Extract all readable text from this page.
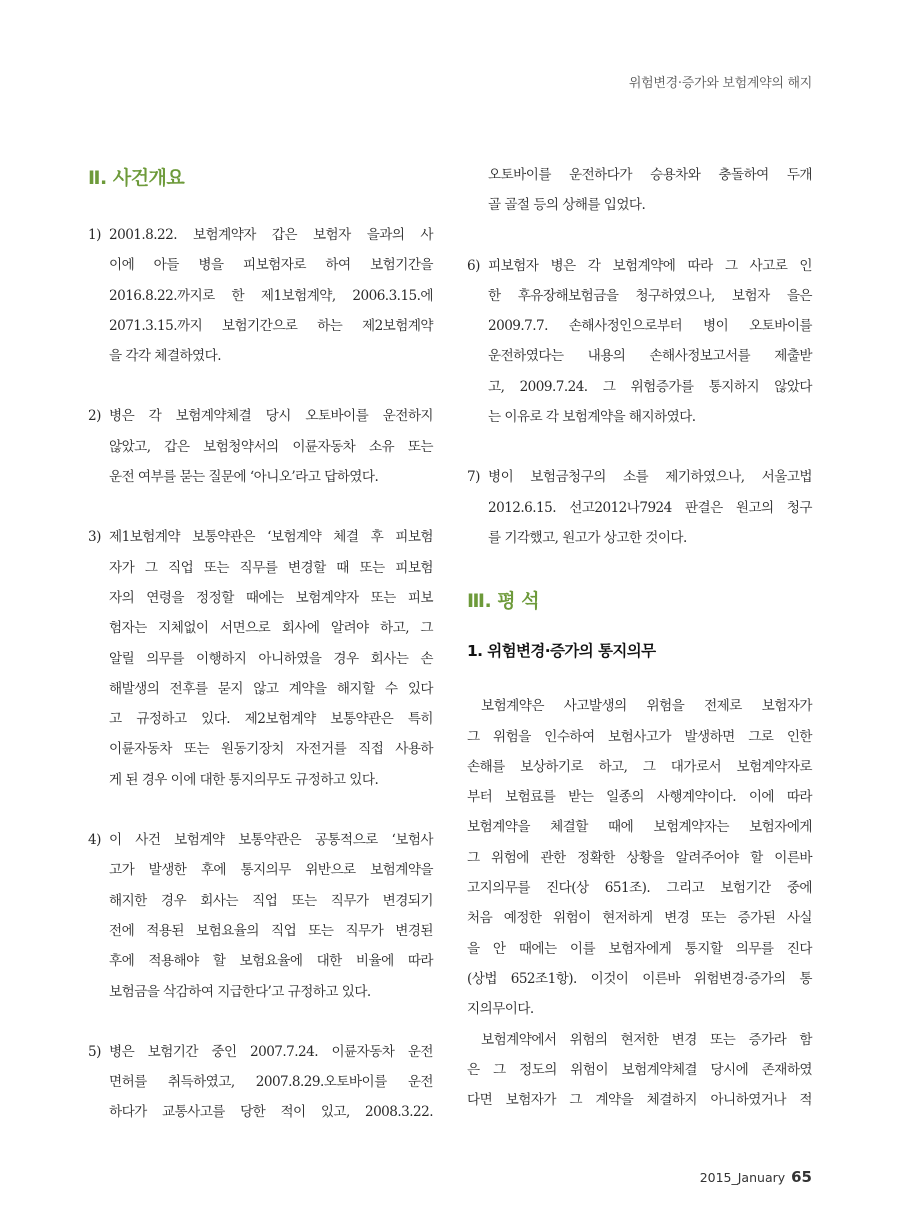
위험변경·증가와 보험계약의 해지
Ⅱ. 사건개요
1) 2001.8.22. 보험계약자 갑은 보험자 을과의 사
이에 아들 병을 피보험자로 하여 보험기간을
2016.8.22.까지로 한 제1보험계약, 2006.3.15.에
2071.3.15.까지 보험기간으로 하는 제2보험계약
을 각각 체결하였다.
2) 병은 각 보험계약체결 당시 오토바이를 운전하지
않았고, 갑은 보험청약서의 이륜자동차 소유 또는
운전 여부를 묻는 질문에 ‘아니오’라고 답하였다.
3) 제1보험계약 보통약관은 ‘보험계약 체결 후 피보험
자가 그 직업 또는 직무를 변경할 때 또는 피보험
자의 연령을 정정할 때에는 보험계약자 또는 피보
험자는 지체없이 서면으로 회사에 알려야 하고, 그
알릴 의무를 이행하지 아니하였을 경우 회사는 손
해발생의 전후를 묻지 않고 계약을 해지할 수 있다
고 규정하고 있다. 제2보험계약 보통약관은 특히
이륜자동차 또는 원동기장치 자전거를 직접 사용하
게 된 경우 이에 대한 통지의무도 규정하고 있다.
4) 이 사건 보험계약 보통약관은 공통적으로 ‘보험사
고가 발생한 후에 통지의무 위반으로 보험계약을
해지한 경우 회사는 직업 또는 직무가 변경되기
전에 적용된 보험요율의 직업 또는 직무가 변경된
후에 적용해야 할 보험요율에 대한 비율에 따라
보험금을 삭감하여 지급한다’고 규정하고 있다.
5) 병은 보험기간 중인 2007.7.24. 이륜자동차 운전
면허를 취득하였고, 2007.8.29.오토바이를 운전
하다가 교통사고를 당한 적이 있고, 2008.3.22.
오토바이를 운전하다가 승용차와 충돌하여 두개
골 골절 등의 상해를 입었다.
6) 피보험자 병은 각 보험계약에 따라 그 사고로 인
한 후유장해보험금을 청구하였으나, 보험자 을은
2009.7.7. 손해사정인으로부터 병이 오토바이를
운전하였다는 내용의 손해사정보고서를 제출받
고, 2009.7.24. 그 위험증가를 통지하지 않았다
는 이유로 각 보험계약을 해지하였다.
7) 병이 보험금청구의 소를 제기하였으나, 서울고법
2012.6.15. 선고2012나7924 판결은 원고의 청구
를 기각했고, 원고가 상고한 것이다.
Ⅲ. 평 석
1. 위험변경·증가의 통지의무
보험계약은 사고발생의 위험을 전제로 보험자가
그 위험을 인수하여 보험사고가 발생하면 그로 인한
손해를 보상하기로 하고, 그 대가로서 보험계약자로
부터 보험료를 받는 일종의 사행계약이다. 이에 따라
보험계약을 체결할 때에 보험계약자는 보험자에게
그 위험에 관한 정확한 상황을 알려주어야 할 이른바
고지의무를 진다(상 651조). 그리고 보험기간 중에
처음 예정한 위험이 현저하게 변경 또는 증가된 사실
을 안 때에는 이를 보험자에게 통지할 의무를 진다
(상법 652조1항). 이것이 이른바 위험변경·증가의 통
지의무이다.
보험계약에서 위험의 현저한 변경 또는 증가라 함
은 그 정도의 위험이 보험계약체결 당시에 존재하였
다면 보험자가 그 계약을 체결하지 아니하였거나 적
2015_January 65
